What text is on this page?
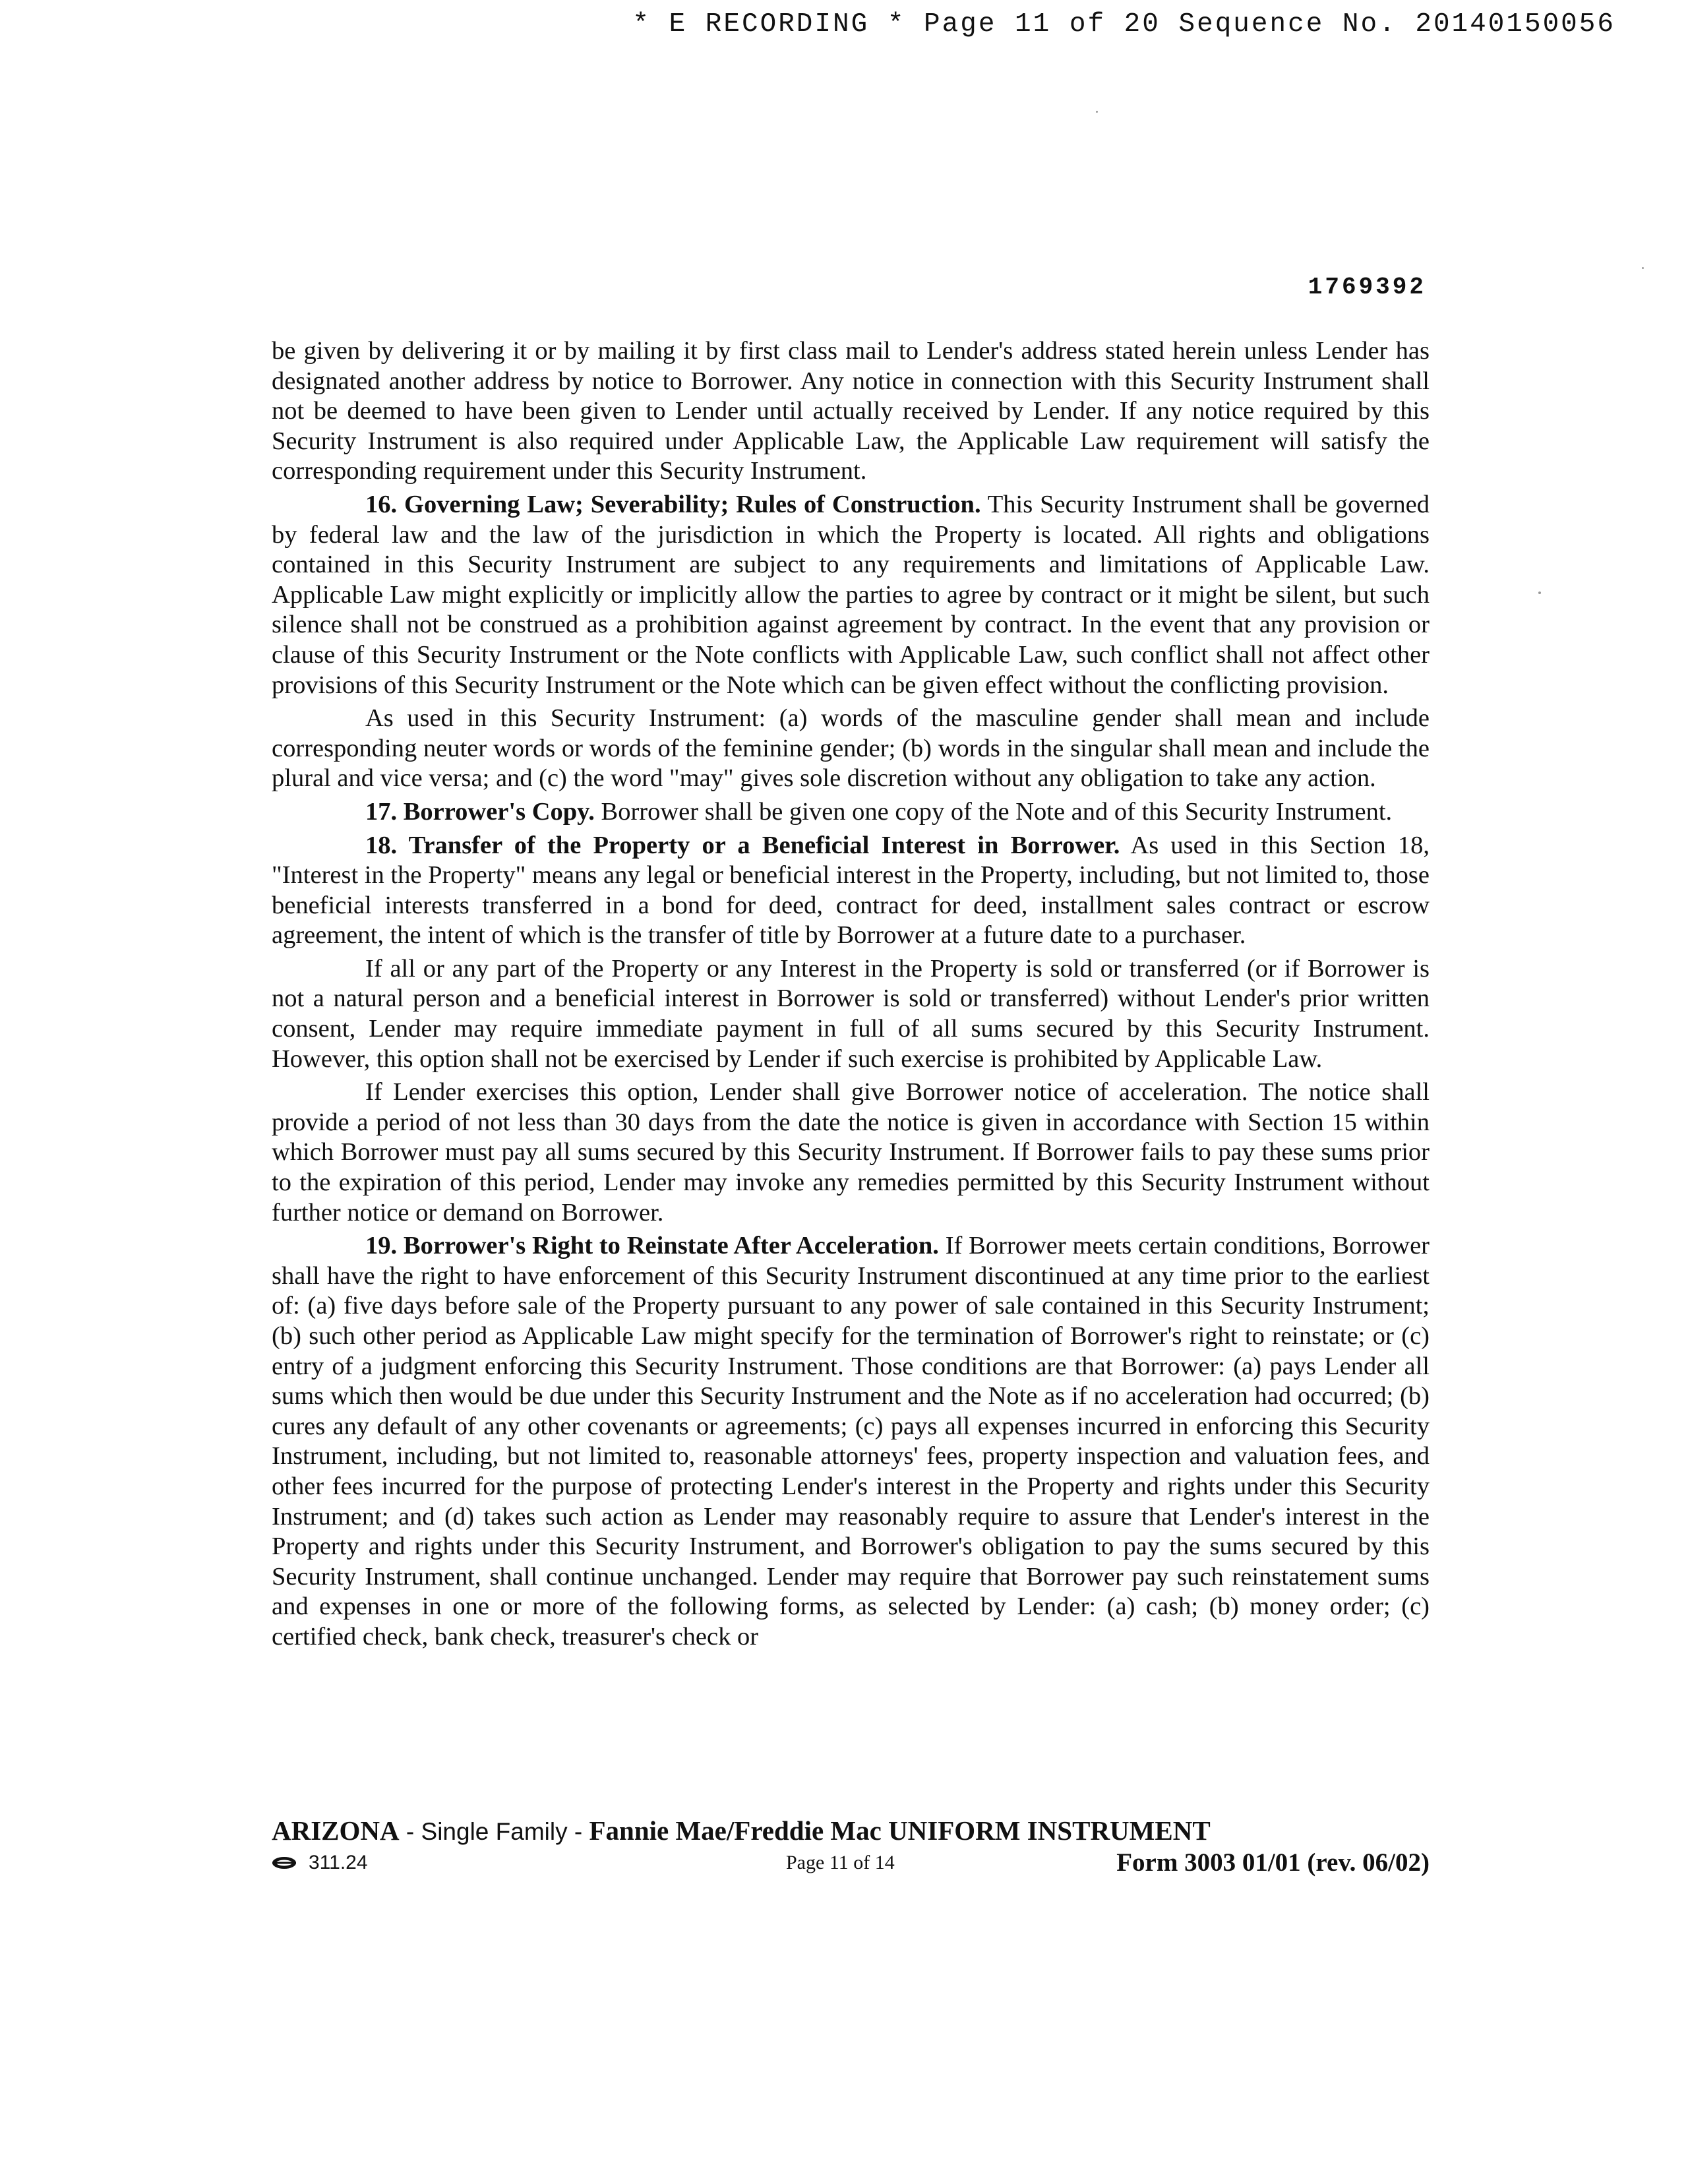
* E RECORDING * Page 11 of 20 Sequence No. 20140150056
1769392

be given by delivering it or by mailing it by first class mail to Lender's address stated herein unless Lender has designated another address by notice to Borrower. Any notice in connection with this Security Instrument shall not be deemed to have been given to Lender until actually received by Lender. If any notice required by this Security Instrument is also required under Applicable Law, the Applicable Law requirement will satisfy the corresponding requirement under this Security Instrument.

16. Governing Law; Severability; Rules of Construction. This Security Instrument shall be governed by federal law and the law of the jurisdiction in which the Property is located. All rights and obligations contained in this Security Instrument are subject to any requirements and limitations of Applicable Law. Applicable Law might explicitly or implicitly allow the parties to agree by contract or it might be silent, but such silence shall not be construed as a prohibition against agreement by contract. In the event that any provision or clause of this Security Instrument or the Note conflicts with Applicable Law, such conflict shall not affect other provisions of this Security Instrument or the Note which can be given effect without the conflicting provision.

As used in this Security Instrument: (a) words of the masculine gender shall mean and include corresponding neuter words or words of the feminine gender; (b) words in the singular shall mean and include the plural and vice versa; and (c) the word "may" gives sole discretion without any obligation to take any action.

17. Borrower's Copy. Borrower shall be given one copy of the Note and of this Security Instrument.

18. Transfer of the Property or a Beneficial Interest in Borrower. As used in this Section 18, "Interest in the Property" means any legal or beneficial interest in the Property, including, but not limited to, those beneficial interests transferred in a bond for deed, contract for deed, installment sales contract or escrow agreement, the intent of which is the transfer of title by Borrower at a future date to a purchaser.

If all or any part of the Property or any Interest in the Property is sold or transferred (or if Borrower is not a natural person and a beneficial interest in Borrower is sold or transferred) without Lender's prior written consent, Lender may require immediate payment in full of all sums secured by this Security Instrument. However, this option shall not be exercised by Lender if such exercise is prohibited by Applicable Law.

If Lender exercises this option, Lender shall give Borrower notice of acceleration. The notice shall provide a period of not less than 30 days from the date the notice is given in accordance with Section 15 within which Borrower must pay all sums secured by this Security Instrument. If Borrower fails to pay these sums prior to the expiration of this period, Lender may invoke any remedies permitted by this Security Instrument without further notice or demand on Borrower.

19. Borrower's Right to Reinstate After Acceleration. If Borrower meets certain conditions, Borrower shall have the right to have enforcement of this Security Instrument discontinued at any time prior to the earliest of: (a) five days before sale of the Property pursuant to any power of sale contained in this Security Instrument; (b) such other period as Applicable Law might specify for the termination of Borrower's right to reinstate; or (c) entry of a judgment enforcing this Security Instrument. Those conditions are that Borrower: (a) pays Lender all sums which then would be due under this Security Instrument and the Note as if no acceleration had occurred; (b) cures any default of any other covenants or agreements; (c) pays all expenses incurred in enforcing this Security Instrument, including, but not limited to, reasonable attorneys' fees, property inspection and valuation fees, and other fees incurred for the purpose of protecting Lender's interest in the Property and rights under this Security Instrument; and (d) takes such action as Lender may reasonably require to assure that Lender's interest in the Property and rights under this Security Instrument, and Borrower's obligation to pay the sums secured by this Security Instrument, shall continue unchanged. Lender may require that Borrower pay such reinstatement sums and expenses in one or more of the following forms, as selected by Lender: (a) cash; (b) money order; (c) certified check, bank check, treasurer's check or

ARIZONA - Single Family - Fannie Mae/Freddie Mac UNIFORM INSTRUMENT
311.24	Page 11 of 14	Form 3003 01/01 (rev. 06/02)
